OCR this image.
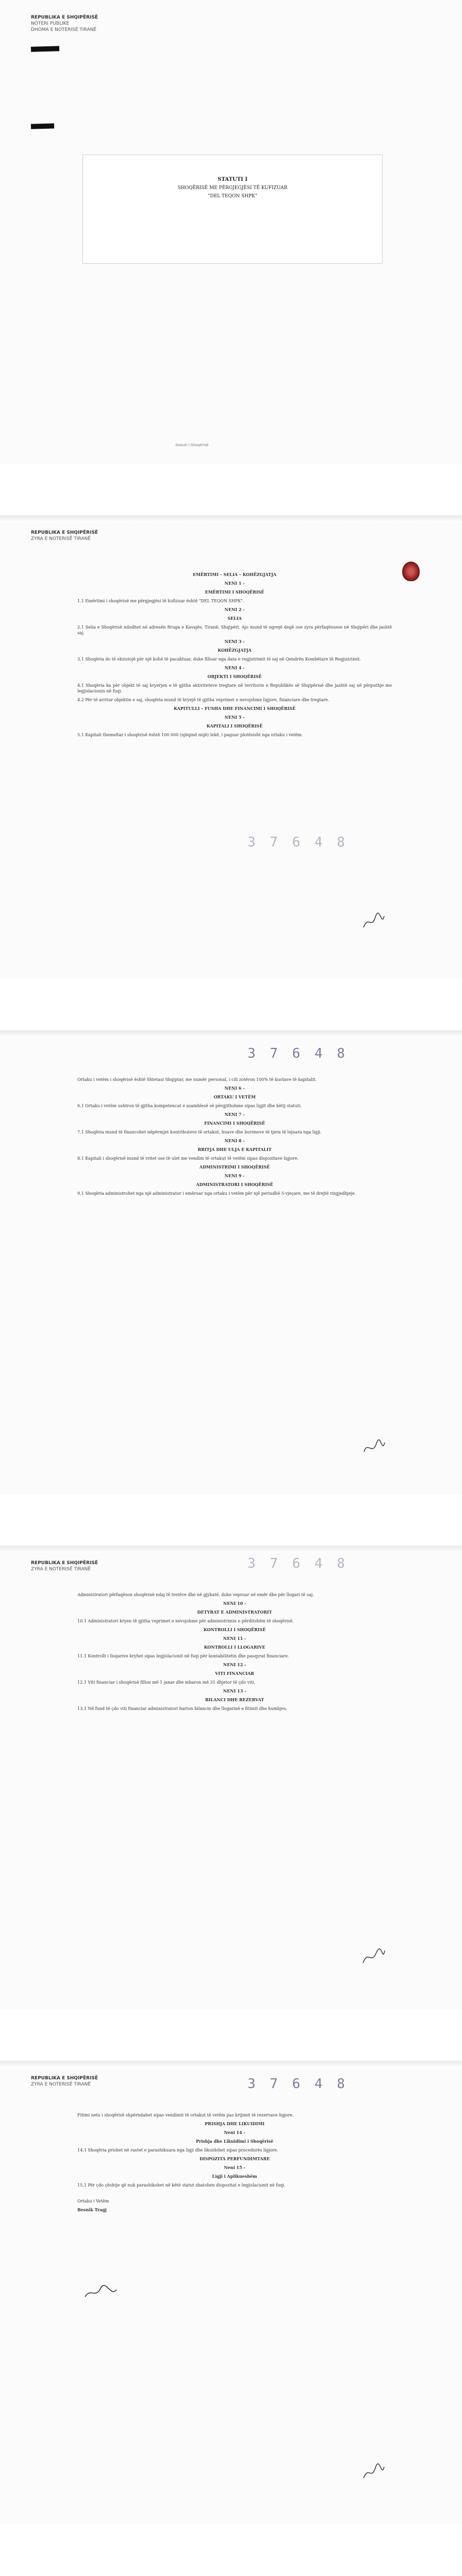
REPUBLIKA E SHQIPËRISË
NOTERI PUBLIKE
DHOMA E NOTERISË TIRANË
STATUTI I
SHOQËRISË ME PËRGJEGJËSI TË KUFIZUAR
"DEL TEQON SHPK"
Statuti i Shoqërisë
REPUBLIKA E SHQIPËRISË
ZYRA E NOTERISË TIRANË

EMËRTIMI – SELIA – KOHËZGJATJA

NENI 1 -

EMËRTIMI I SHOQËRISË

1.1 Emërtimi i shoqërisë me përgjegjësi të kufizuar është "DEL TEQON SHPK".

NENI 2 -

SELIA

2.1 Selia e Shoqërisë ndodhet në adresën Rruga e Kavajës, Tiranë, Shqipëri. Ajo mund të ngrejë degë ose zyra përfaqësuese në Shqipëri dhe jashtë saj.

NENI 3 -

KOHËZGJATJA

3.1 Shoqëria do të ekzistojë për një kohë të pacaktuar, duke filluar nga data e regjistrimit të saj në Qendrën Kombëtare të Regjistrimit.

NENI 4 -

OBJEKTI I SHOQËRISË

4.1 Shoqëria ka për objekt të saj kryerjen e të gjitha aktiviteteve tregtare në territorin e Republikës së Shqipërisë dhe jashtë saj në përputhje me legjislacionin në fuqi.

4.2 Për të arritur objektin e saj, shoqëria mund të kryejë të gjitha veprimet e nevojshme ligjore, financiare dhe tregtare.

KAPITULLI – FUSHA DHE FINANCIMI I SHOQËRISË

NENI 5 -

KAPITALI I SHOQËRISË

5.1 Kapitali themeltar i shoqërisë është 100 000 (njëqind mijë) lekë, i paguar plotësisht nga ortaku i vetëm.

3 7 6 4 8
3 7 6 4 8

Ortaku i vetëm i shoqërisë është Shtetasi Shqiptar, me numër personal, i cili zotëron 100% të kuotave të kapitalit.

NENI 6 -

ORTAKU I VETËM

6.1 Ortaku i vetëm ushtron të gjitha kompetencat e asamblesë së përgjithshme sipas ligjit dhe këtij statuti.

NENI 7 -

FINANCIMI I SHOQËRISË

7.1 Shoqëria mund të financohet nëpërmjet kontributeve të ortakut, huave dhe burimeve të tjera të lejuara nga ligji.

NENI 8 -

RRITJA DHE ULJA E KAPITALIT

8.1 Kapitali i shoqërisë mund të rritet ose të ulet me vendim të ortakut të vetëm sipas dispozitave ligjore.

ADMINISTRIMI I SHOQËRISË

NENI 9 -

ADMINISTRATORI I SHOQËRISË

9.1 Shoqëria administrohet nga një administrator i emëruar nga ortaku i vetëm për një periudhë 5-vjeçare, me të drejtë rizgjedhjeje.

REPUBLIKA E SHQIPËRISË
ZYRA E NOTERISË TIRANË	3 7 6 4 8

Administratori përfaqëson shoqërinë ndaj të tretëve dhe në gjykatë, duke vepruar në emër dhe për llogari të saj.

NENI 10 -

DETYRAT E ADMINISTRATORIT

10.1 Administratori kryen të gjitha veprimet e nevojshme për administrimin e përditshëm të shoqërisë.

KONTROLLI I SHOQËRISË

NENI 11 -

KONTROLLI I LLOGARIVE

11.1 Kontrolli i llogarive kryhet sipas legjislacionit në fuqi për kontabilitetin dhe pasqyrat financiare.

NENI 12 -

VITI FINANCIAR

12.1 Viti financiar i shoqërisë fillon më 1 janar dhe mbaron më 31 dhjetor të çdo viti.

NENI 13 -

BILANCI DHE REZERVAT

13.1 Në fund të çdo viti financiar administratori harton bilancin dhe llogarinë e fitimit dhe humbjes.

REPUBLIKA E SHQIPËRISË
ZYRA E NOTERISË TIRANË	3 7 6 4 8

Fitimi neto i shoqërisë shpërndahet sipas vendimit të ortakut të vetëm pas krijimit të rezervave ligjore.

PRISHJA DHE LIKUIDIMI

Neni 14 -

Prishja dhe Likuidimi i Shoqërisë

14.1 Shoqëria prishet në rastet e parashikuara nga ligji dhe likuidohet sipas procedurës ligjore.

DISPOZITA PERFUNDIMTARE

Neni 15 -

Ligji i Aplikueshëm

15.1 Për çdo çështje që nuk parashikohet në këtë statut zbatohen dispozitat e legjislacionit në fuqi.

Ortaku i Vetëm

Besnik Tragj
